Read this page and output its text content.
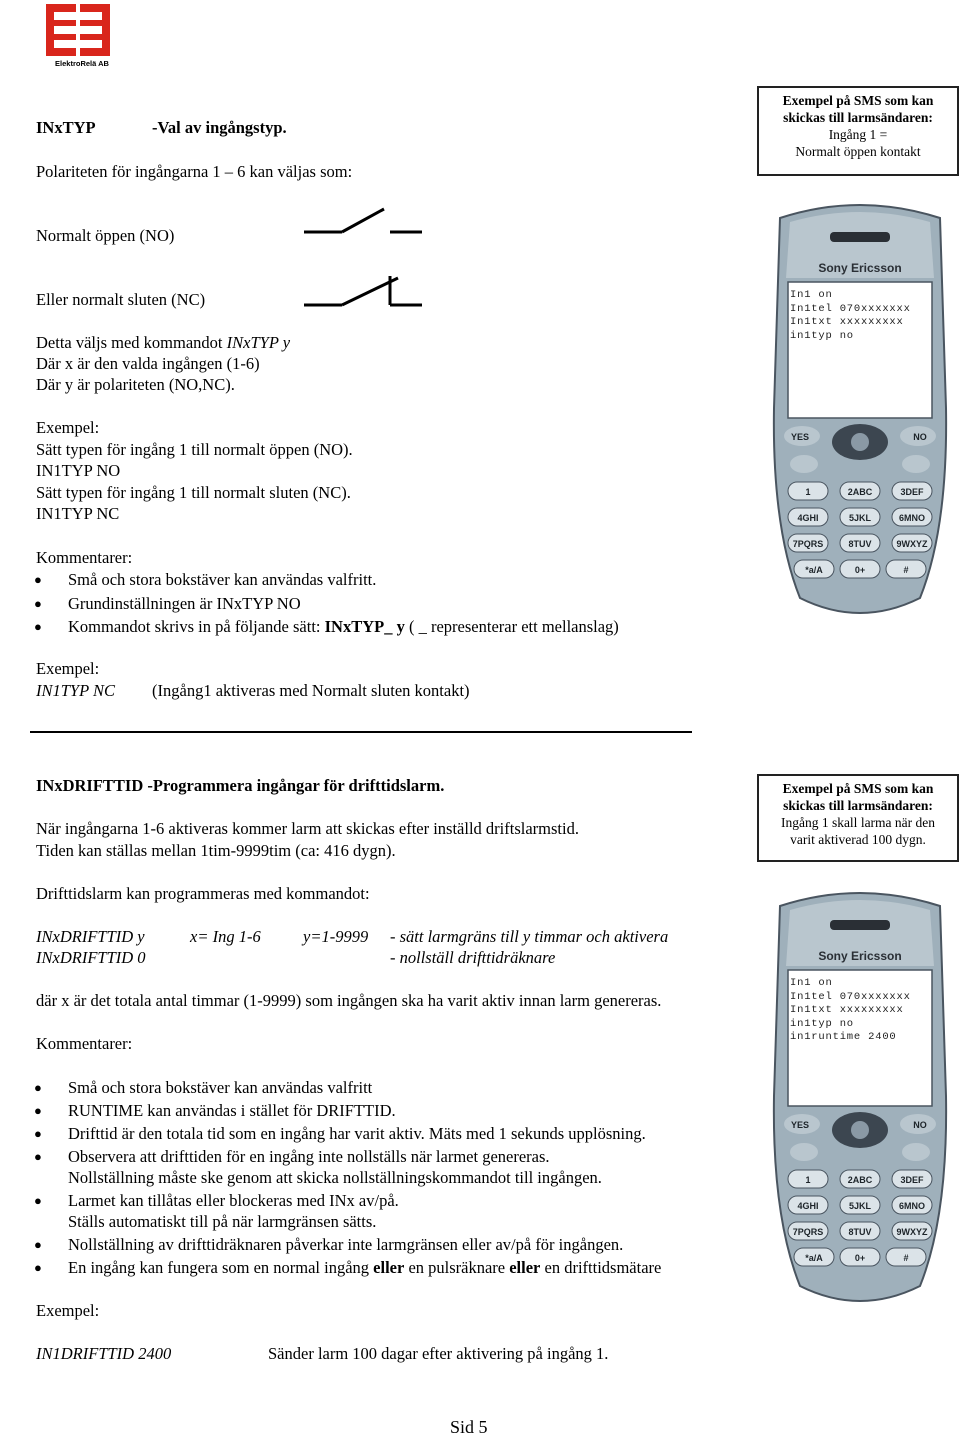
ElektroRelä AB
INxTYP	-Val av ingångstyp.
Polariteten för ingångarna 1 – 6 kan väljas som:
Exempel på SMS som kan skickas till larmsändaren:
Ingång 1 =
Normalt öppen kontakt
Normalt öppen (NO)
Eller normalt sluten (NC)
Detta väljs med kommandot INxTYP y
Där x är den valda ingången (1-6)
Där y är polariteten (NO,NC).
Exempel:
Sätt typen för ingång 1 till normalt öppen (NO).
IN1TYP NO
Sätt typen för ingång 1 till normalt sluten (NC).
IN1TYP NC
Kommentarer:
● Små och stora bokstäver kan användas valfritt.
● Grundinställningen är INxTYP NO
● Kommandot skrivs in på följande sätt: INxTYP_ y ( _ representerar ett mellanslag)
Exempel:
IN1TYP NC (Ingång1 aktiveras med Normalt sluten kontakt)
Sony Ericsson
YES	NO
1	2ABC	3DEF
4GHI	5JKL	6MNO
7PQRS	8TUV	9WXYZ
*a/A	0+	#
In1 on
In1tel 070xxxxxxx
In1txt xxxxxxxxx
in1typ no
INxDRIFTTID -Programmera ingångar för drifttidslarm.
När ingångarna 1-6 aktiveras kommer larm att skickas efter inställd driftslarmstid.
Tiden kan ställas mellan 1tim-9999tim (ca: 416 dygn).
Drifttidslarm kan programmeras med kommandot:
Exempel på SMS som kan skickas till larmsändaren:
Ingång 1 skall larma när den
varit aktiverad 100 dygn.
INxDRIFTTID y	x= Ing 1-6	y=1-9999 - sätt larmgräns till y timmar och aktivera
INxDRIFTTID 0	- nollställ drifttidräknare
där x är det totala antal timmar (1-9999) som ingången ska ha varit aktiv innan larm genereras.
Kommentarer:
● Små och stora bokstäver kan användas valfritt
● RUNTIME kan användas i stället för DRIFTTID.
● Drifttid är den totala tid som en ingång har varit aktiv. Mäts med 1 sekunds upplösning.
● Observera att drifttiden för en ingång inte nollställs när larmet genereras.
Nollställning måste ske genom att skicka nollställningskommandot till ingången.
● Larmet kan tillåtas eller blockeras med INx av/på.
Ställs automatiskt till på när larmgränsen sätts.
● Nollställning av drifttidräknaren påverkar inte larmgränsen eller av/på för ingången.
● En ingång kan fungera som en normal ingång eller en pulsräknare eller en drifttidsmätare
Exempel:
IN1DRIFTTID 2400	Sänder larm 100 dagar efter aktivering på ingång 1.
Sony Ericsson
YES	NO
1	2ABC	3DEF
4GHI	5JKL	6MNO
7PQRS	8TUV	9WXYZ
*a/A	0+	#
In1 on
In1tel 070xxxxxxx
In1txt xxxxxxxxx
in1typ no
in1runtime 2400
Sid 5
